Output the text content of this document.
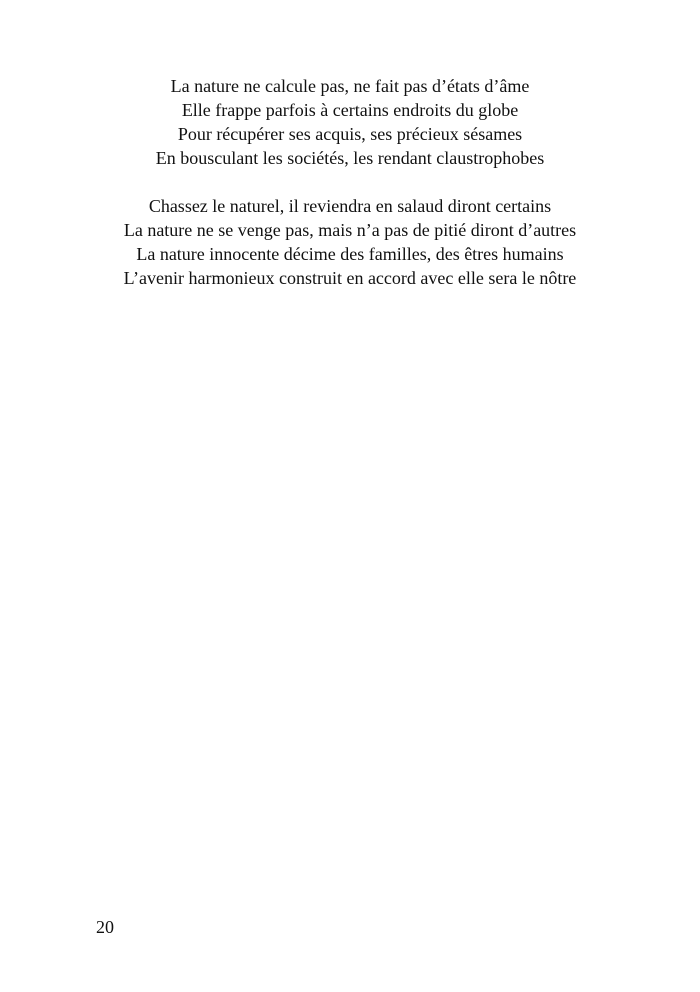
La nature ne calcule pas, ne fait pas d’états d’âme
Elle frappe parfois à certains endroits du globe
Pour récupérer ses acquis, ses précieux sésames
En bousculant les sociétés, les rendant claustrophobes
Chassez le naturel, il reviendra en salaud diront certains
La nature ne se venge pas, mais n’a pas de pitié diront d’autres
La nature innocente décime des familles, des êtres humains
L’avenir harmonieux construit en accord avec elle sera le nôtre
20
